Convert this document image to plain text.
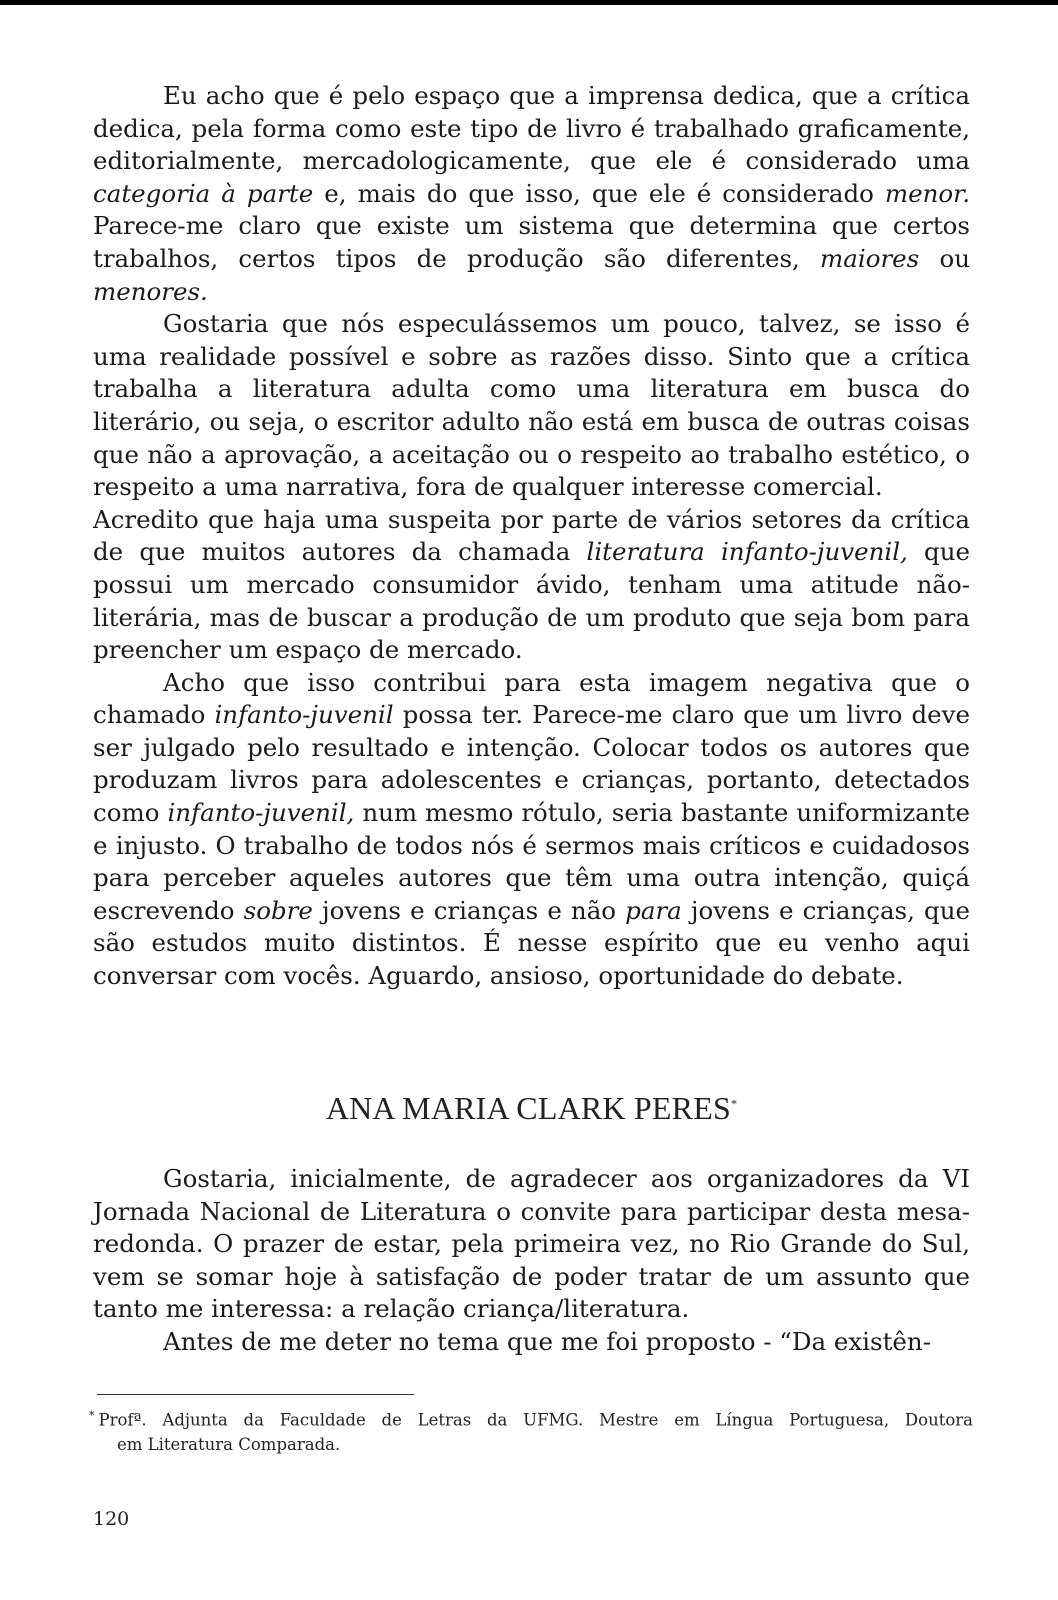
Eu acho que é pelo espaço que a imprensa dedica, que a crítica dedica, pela forma como este tipo de livro é trabalhado graficamente, editorialmente, mercadologicamente, que ele é considerado uma categoria à parte e, mais do que isso, que ele é considerado menor. Parece-me claro que existe um sistema que determina que certos trabalhos, certos tipos de produção são diferentes, maiores ou menores.

Gostaria que nós especulássemos um pouco, talvez, se isso é uma realidade possível e sobre as razões disso. Sinto que a crítica trabalha a literatura adulta como uma literatura em busca do literário, ou seja, o escritor adulto não está em busca de outras coisas que não a aprovação, a aceitação ou o respeito ao trabalho estético, o respeito a uma narrativa, fora de qualquer interesse comercial.

Acredito que haja uma suspeita por parte de vários setores da crítica de que muitos autores da chamada literatura infanto-juvenil, que possui um mercado consumidor ávido, tenham uma atitude não-literária, mas de buscar a produção de um produto que seja bom para preencher um espaço de mercado.

Acho que isso contribui para esta imagem negativa que o chamado infanto-juvenil possa ter. Parece-me claro que um livro deve ser julgado pelo resultado e intenção. Colocar todos os autores que produzam livros para adolescentes e crianças, portanto, detectados como infanto-juvenil, num mesmo rótulo, seria bastante uniformizante e injusto. O trabalho de todos nós é sermos mais críticos e cuidadosos para perceber aqueles autores que têm uma outra intenção, quiçá escrevendo sobre jovens e crianças e não para jovens e crianças, que são estudos muito distintos. É nesse espírito que eu venho aqui conversar com vocês. Aguardo, ansioso, oportunidade do debate.

ANA MARIA CLARK PERES*

Gostaria, inicialmente, de agradecer aos organizadores da VI Jornada Nacional de Literatura o convite para participar desta mesa-redonda. O prazer de estar, pela primeira vez, no Rio Grande do Sul, vem se somar hoje à satisfação de poder tratar de um assunto que tanto me interessa: a relação criança/literatura.

Antes de me deter no tema que me foi proposto - “Da existên-

* Profª. Adjunta da Faculdade de Letras da UFMG. Mestre em Língua Portuguesa, Doutora
em Literatura Comparada.
120
